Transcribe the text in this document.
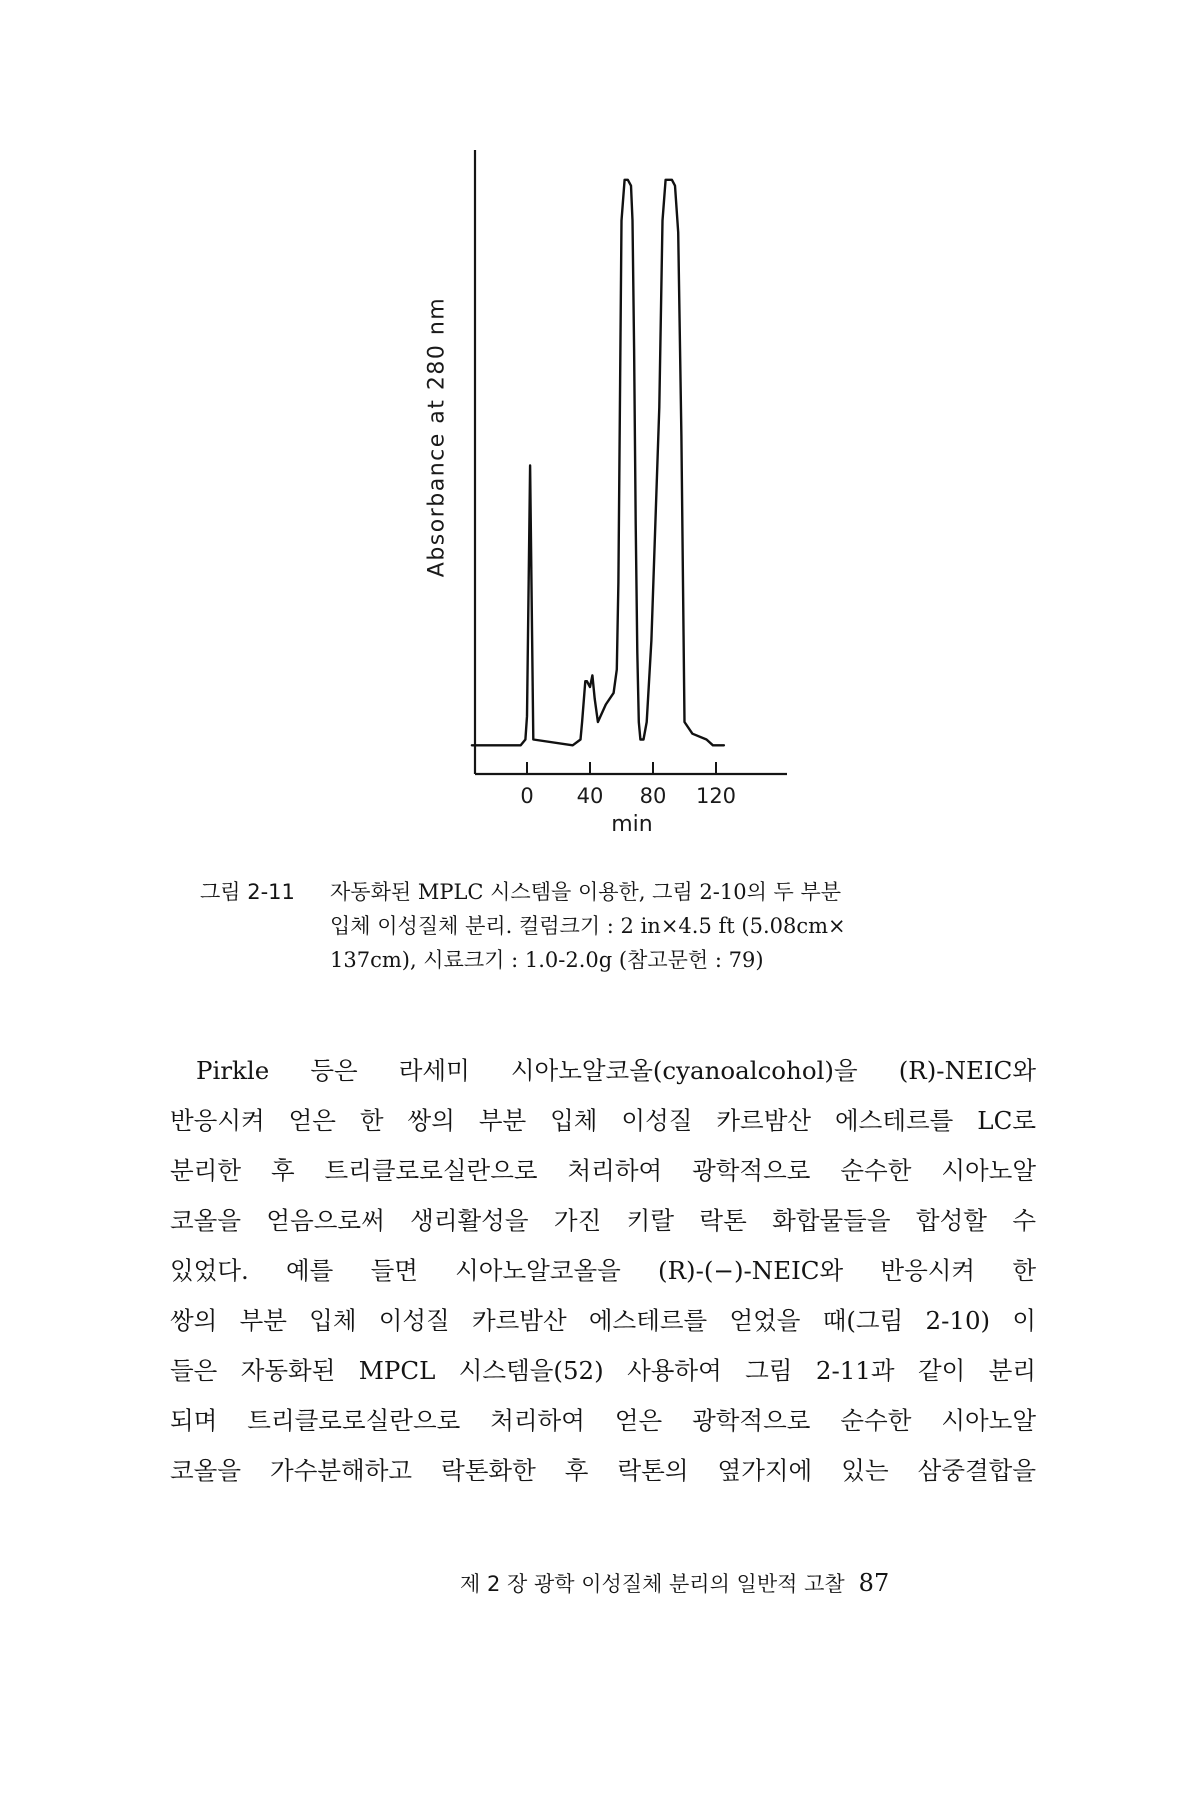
Absorbance at 280 nm
0 40 80 120
min
그림 2-11 자동화된 MPLC 시스템을 이용한, 그림 2-10의 두 부분
입체 이성질체 분리. 컬럼크기 : 2 in×4.5 ft (5.08cm×
137cm), 시료크기 : 1.0-2.0g (참고문헌 : 79)
Pirkle 등은 라세미 시아노알코올(cyanoalcohol)을 (R)-NEIC와
반응시켜 얻은 한 쌍의 부분 입체 이성질 카르밤산 에스테르를 LC로
분리한 후 트리클로로실란으로 처리하여 광학적으로 순수한 시아노알
코올을 얻음으로써 생리활성을 가진 키랄 락톤 화합물들을 합성할 수
있었다. 예를 들면 시아노알코올을 (R)-(−)-NEIC와 반응시켜 한
쌍의 부분 입체 이성질 카르밤산 에스테르를 얻었을 때(그림 2-10) 이
들은 자동화된 MPCL 시스템을(52) 사용하여 그림 2-11과 같이 분리
되며 트리클로로실란으로 처리하여 얻은 광학적으로 순수한 시아노알
코올을 가수분해하고 락톤화한 후 락톤의 옆가지에 있는 삼중결합을
제 2 장 광학 이성질체 분리의 일반적 고찰 87
